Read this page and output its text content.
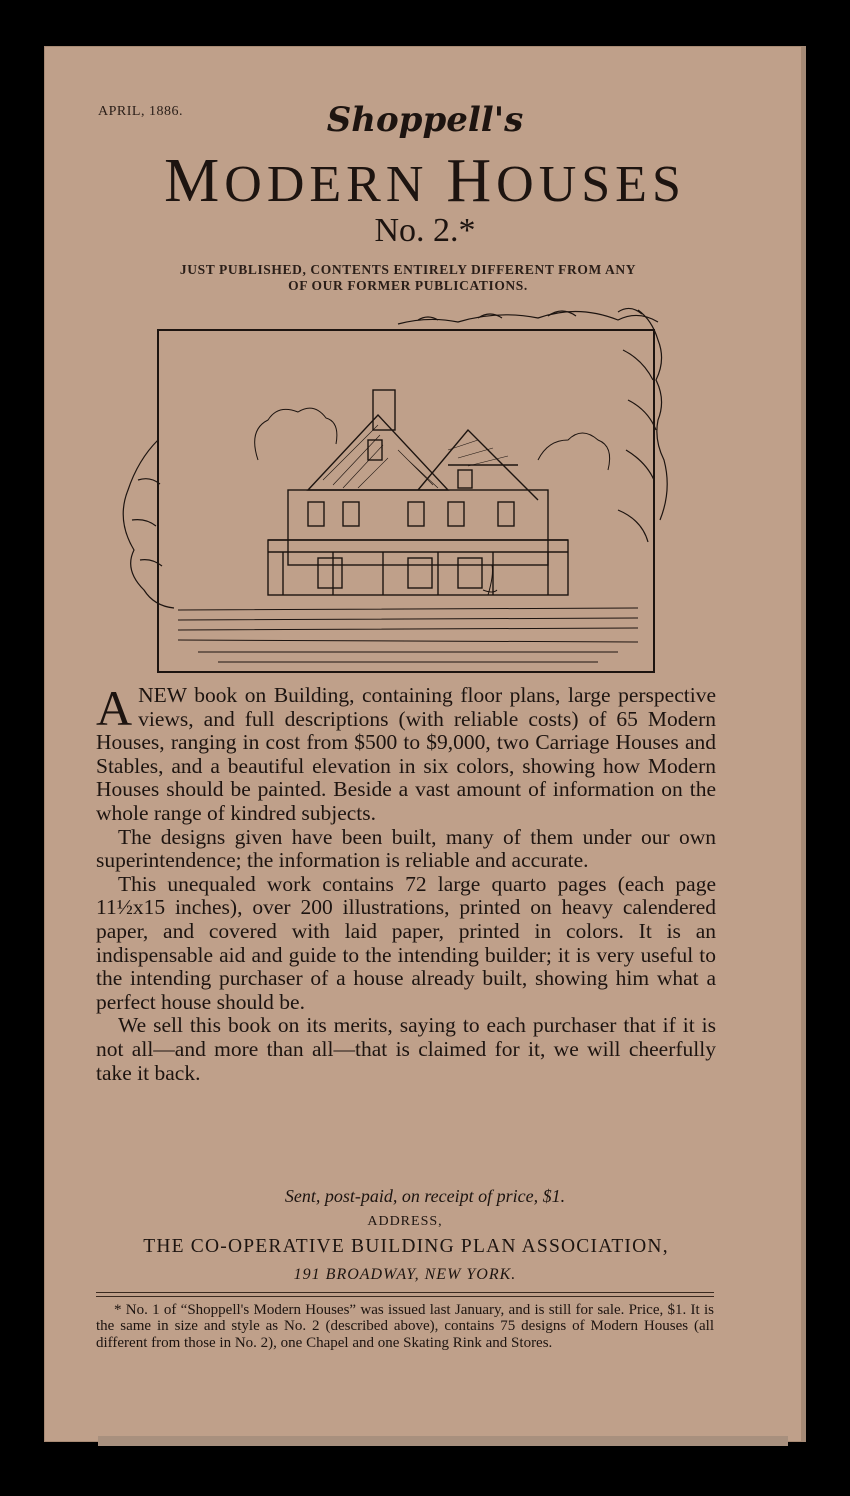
APRIL, 1886.	Shoppell's
MODERN HOUSES
No. 2.*
JUST PUBLISHED, CONTENTS ENTIRELY DIFFERENT FROM ANY
OF OUR FORMER PUBLICATIONS.

ANEW book on Building, containing floor plans, large perspective views, and full descriptions (with reliable costs) of 65 Modern Houses, ranging in cost from $500 to $9,000, two Carriage Houses and Stables, and a beautiful elevation in six colors, showing how Modern Houses should be painted. Beside a vast amount of information on the whole range of kindred subjects.

The designs given have been built, many of them under our own superintendence; the information is reliable and accurate.

This unequaled work contains 72 large quarto pages (each page 11½x15 inches), over 200 illustrations, printed on heavy calendered paper, and covered with laid paper, printed in colors. It is an indispensable aid and guide to the intending builder; it is very useful to the intending purchaser of a house already built, showing him what a perfect house should be.

We sell this book on its merits, saying to each purchaser that if it is not all—and more than all—that is claimed for it, we will cheerfully take it back.

Sent, post-paid, on receipt of price, $1.
ADDRESS,
THE CO-OPERATIVE BUILDING PLAN ASSOCIATION,
191 BROADWAY, NEW YORK.
* No. 1 of “Shoppell's Modern Houses” was issued last January, and is still for sale. Price, $1. It is the same in size and style as No. 2 (described above), contains 75 designs of Modern Houses (all different from those in No. 2), one Chapel and one Skating Rink and Stores.
